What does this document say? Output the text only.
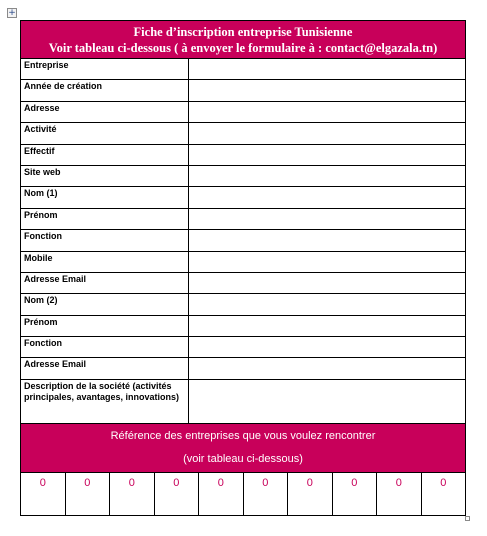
+
Fiche d’inscription entreprise Tunisienne
Voir tableau ci-dessous ( à envoyer le formulaire à : contact@elgazala.tn)
Entreprise
Année de création
Adresse
Activité
Effectif
Site web
Nom (1)
Prénom
Fonction
Mobile
Adresse Email
Nom (2)
Prénom
Fonction
Adresse Email
Description de la société (activités principales, avantages, innovations)
Référence des entreprises que vous voulez rencontrer
(voir tableau ci-dessous)
0	0	0	0	0	0	0	0	0	0
